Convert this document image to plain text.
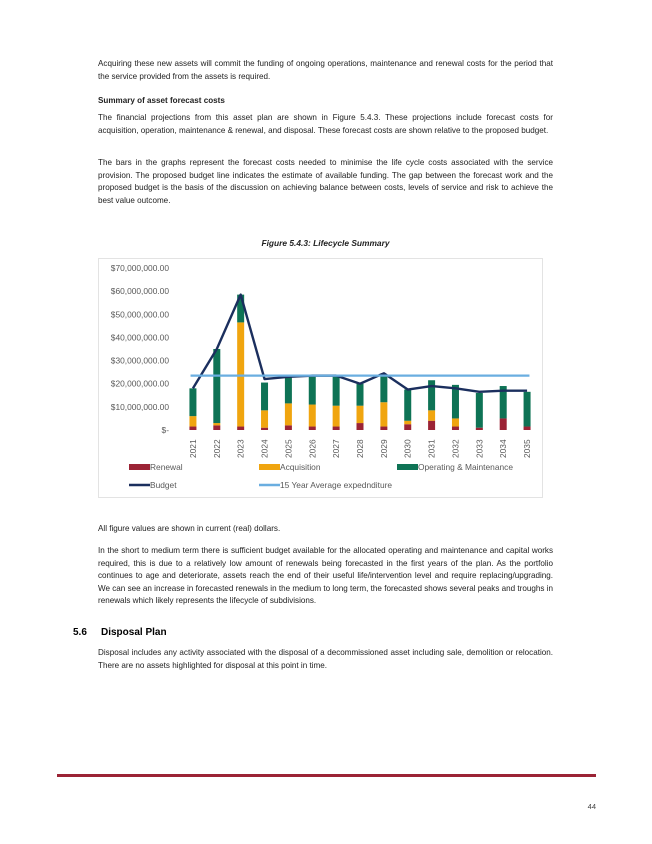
Acquiring these new assets will commit the funding of ongoing operations, maintenance and renewal costs for the period that the service provided from the assets is required.

Summary of asset forecast costs

The financial projections from this asset plan are shown in Figure 5.4.3. These projections include forecast costs for acquisition, operation, maintenance & renewal, and disposal. These forecast costs are shown relative to the proposed budget.

The bars in the graphs represent the forecast costs needed to minimise the life cycle costs associated with the service provision. The proposed budget line indicates the estimate of available funding. The gap between the forecast work and the proposed budget is the basis of the discussion on achieving balance between costs, levels of service and risk to achieve the best value outcome.

Figure 5.4.3: Lifecycle Summary

$-
$10,000,000.00
$20,000,000.00
$30,000,000.00
$40,000,000.00
$50,000,000.00
$60,000,000.00
$70,000,000.00
2021 2022 2023 2024 2025 2026 2027 2028 2029 2030 2031 2032 2033 2034 2035
Renewal	Acquisition	Operating & Maintenance
Budget	15 Year Average expednditure

All figure values are shown in current (real) dollars.

In the short to medium term there is sufficient budget available for the allocated operating and maintenance and capital works required, this is due to a relatively low amount of renewals being forecasted in the first years of the plan. As the portfolio continues to age and deteriorate, assets reach the end of their useful life/intervention level and require replacing/upgrading. We can see an increase in forecasted renewals in the medium to long term, the forecasted shows several peaks and troughs in renewals which likely represents the lifecycle of subdivisions.

5.6 Disposal Plan

Disposal includes any activity associated with the disposal of a decommissioned asset including sale, demolition or relocation. There are no assets highlighted for disposal at this point in time.

44
